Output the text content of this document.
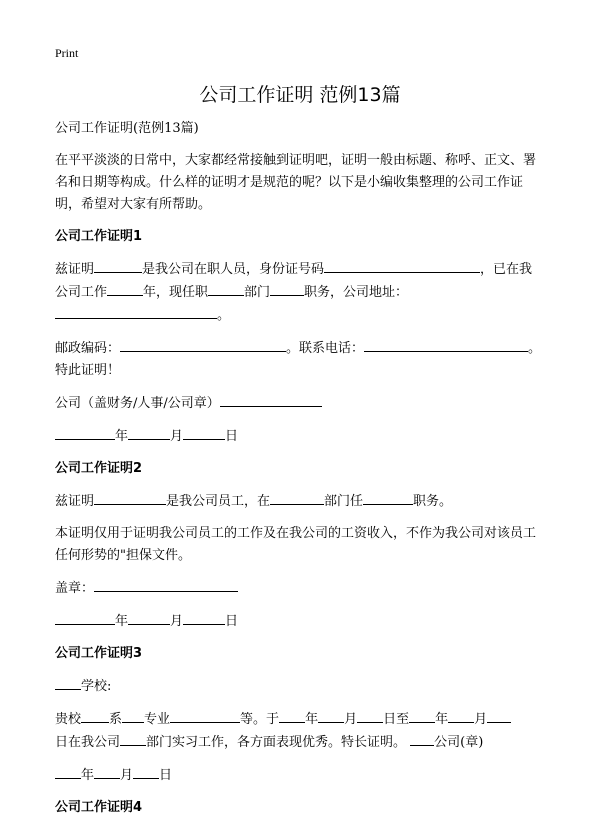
Print
公司工作证明 范例13篇

公司工作证明(范例13篇)

在平平淡淡的日常中，大家都经常接触到证明吧，证明一般由标题、称呼、正文、署名和日期等构成。什么样的证明才是规范的呢？以下是小编收集整理的公司工作证明，希望对大家有所帮助。

公司工作证明1

兹证明	是我公司在职人员，身份证号码	，已在我公司工作	年，现任职	部门	职务，公司地址：
。

邮政编码：	。联系电话：	。
特此证明！

公司（盖财务/人事/公司章）

年	月	日

公司工作证明2

兹证明	是我公司员工，在	部门任	职务。

本证明仅用于证明我公司员工的工作及在我公司的工资收入，不作为我公司对该员工任何形势的"担保文件。

盖章：

年	月	日

公司工作证明3

学校:

贵校 系 专业	等。于 年 月 日至 年 月
日在我公司 部门实习工作，各方面表现优秀。特长证明。 公司(章)

年 月 日

公司工作证明4
